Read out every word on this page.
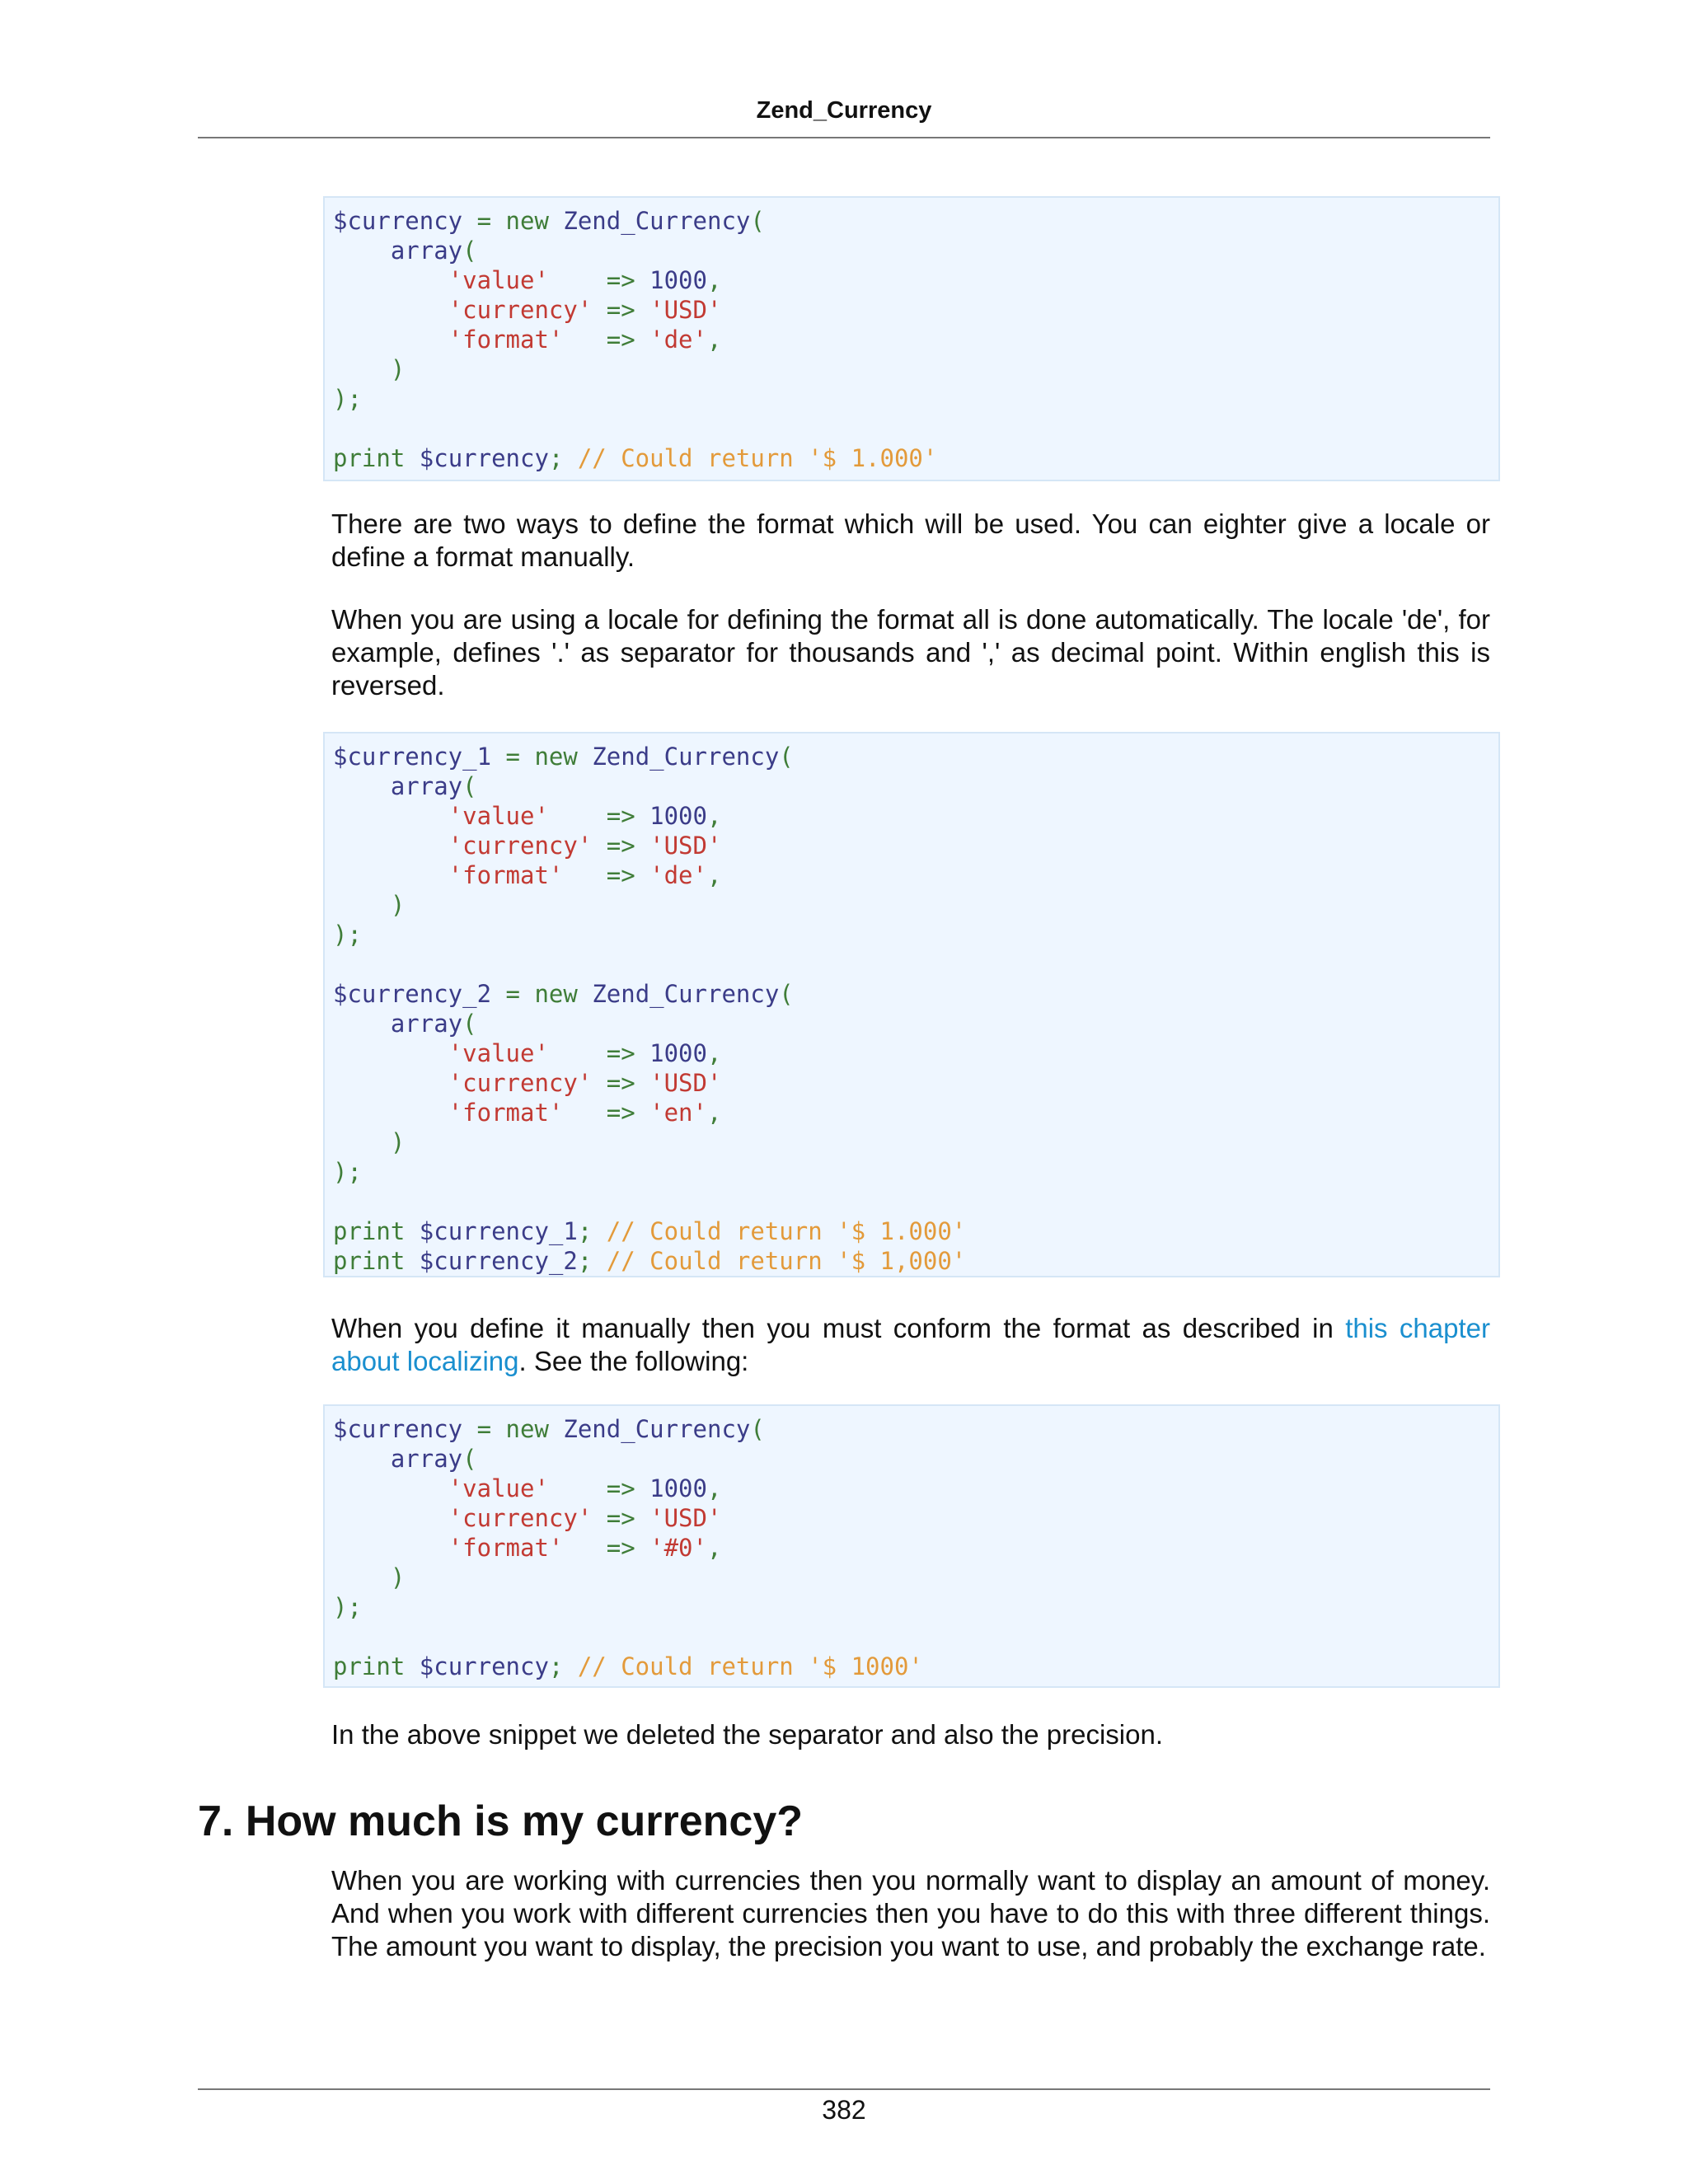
Zend_Currency
$currency = new Zend_Currency(
array(
'value'    => 1000,
'currency' => 'USD'
'format'   => 'de',
)
);
print $currency; // Could return '$ 1.000'

There are two ways to define the format which will be used. You can eighter give a locale or define a format manually.

When you are using a locale for defining the format all is done automatically. The locale 'de', for example, defines '.' as separator for thousands and ',' as decimal point. Within english this is reversed.

$currency_1 = new Zend_Currency(
array(
'value'    => 1000,
'currency' => 'USD'
'format'   => 'de',
)
);
$currency_2 = new Zend_Currency(
array(
'value'    => 1000,
'currency' => 'USD'
'format'   => 'en',
)
);
print $currency_1; // Could return '$ 1.000'
print $currency_2; // Could return '$ 1,000'

When you define it manually then you must conform the format as described in this chapter about localizing. See the following:

$currency = new Zend_Currency(
array(
'value'    => 1000,
'currency' => 'USD'
'format'   => '#0',
)
);
print $currency; // Could return '$ 1000'

In the above snippet we deleted the separator and also the precision.

7. How much is my currency?

When you are working with currencies then you normally want to display an amount of money. And when you work with different currencies then you have to do this with three different things. The amount you want to display, the precision you want to use, and probably the exchange rate.

382
